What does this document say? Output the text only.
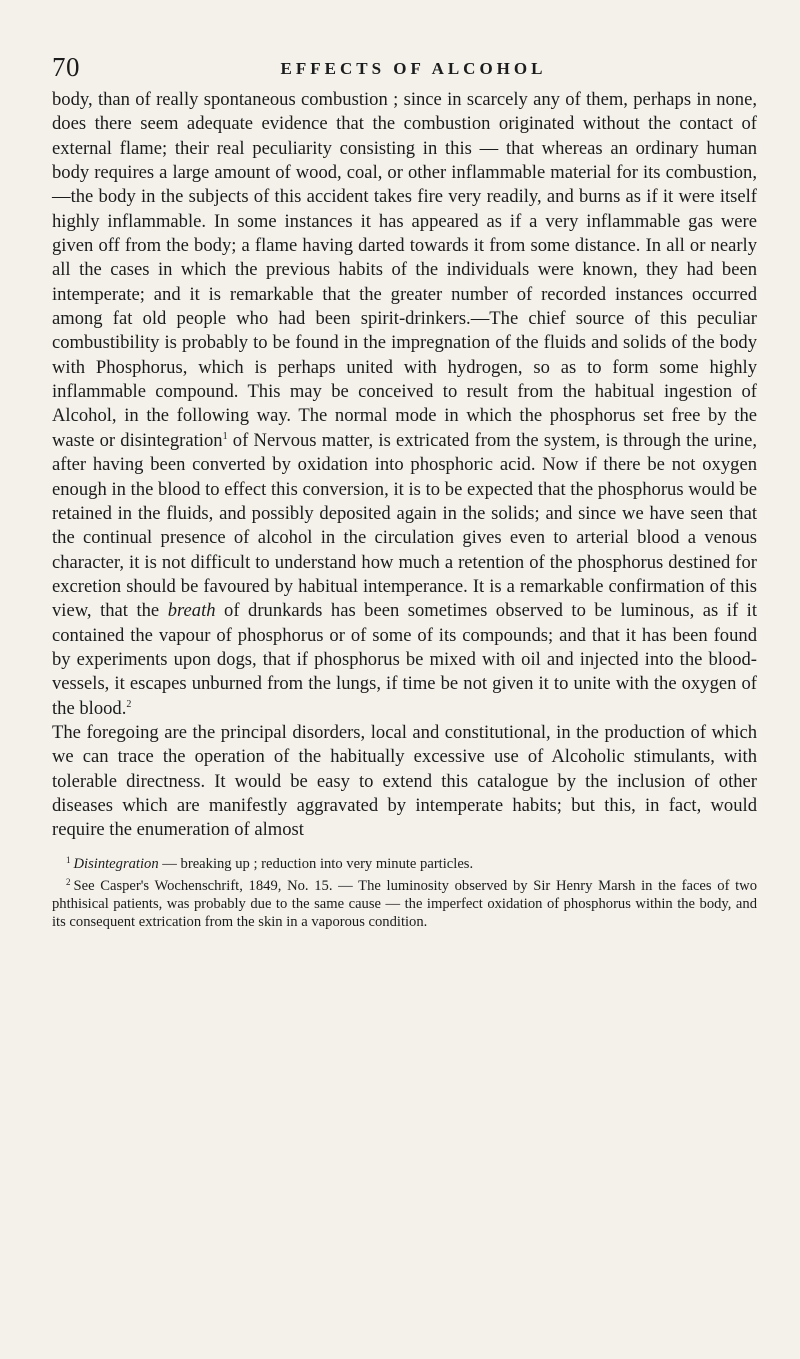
70	EFFECTS OF ALCOHOL

body, than of really spontaneous combustion ; since in scarcely any of them, perhaps in none, does there seem adequate evidence that the combustion originated without the contact of external flame; their real peculiarity consisting in this — that whereas an ordinary human body requires a large amount of wood, coal, or other inflammable material for its combustion,—the body in the subjects of this accident takes fire very readily, and burns as if it were itself highly inflammable. In some instances it has appeared as if a very inflammable gas were given off from the body; a flame having darted towards it from some distance. In all or nearly all the cases in which the previous habits of the individuals were known, they had been intemperate; and it is remarkable that the greater number of recorded instances occurred among fat old people who had been spirit-drinkers.—The chief source of this peculiar combustibility is probably to be found in the impregnation of the fluids and solids of the body with Phosphorus, which is perhaps united with hydrogen, so as to form some highly inflammable compound. This may be conceived to result from the habitual ingestion of Alcohol, in the following way. The normal mode in which the phosphorus set free by the waste or disintegration$^1$ of Nervous matter, is extricated from the system, is through the urine, after having been converted by oxidation into phosphoric acid. Now if there be not oxygen enough in the blood to effect this conversion, it is to be expected that the phosphorus would be retained in the fluids, and possibly deposited again in the solids; and since we have seen that the continual presence of alcohol in the circulation gives even to arterial blood a venous character, it is not difficult to understand how much a retention of the phosphorus destined for excretion should be favoured by habitual intemperance. It is a remarkable confirmation of this view, that the breath of drunkards has been sometimes observed to be luminous, as if it contained the vapour of phosphorus or of some of its compounds; and that it has been found by experiments upon dogs, that if phosphorus be mixed with oil and injected into the blood-vessels, it escapes unburned from the lungs, if time be not given it to unite with the oxygen of the blood.$^2$

The foregoing are the principal disorders, local and constitutional, in the production of which we can trace the operation of the habitually excessive use of Alcoholic stimulants, with tolerable directness. It would be easy to extend this catalogue by the inclusion of other diseases which are manifestly aggravated by intemperate habits; but this, in fact, would require the enumeration of almost

$^1$ Disintegration — breaking up ; reduction into very minute particles.

$^2$ See Casper's Wochenschrift, 1849, No. 15. — The luminosity observed by Sir Henry Marsh in the faces of two phthisical patients, was probably due to the same cause — the imperfect oxidation of phosphorus within the body, and its consequent extrication from the skin in a vaporous condition.
